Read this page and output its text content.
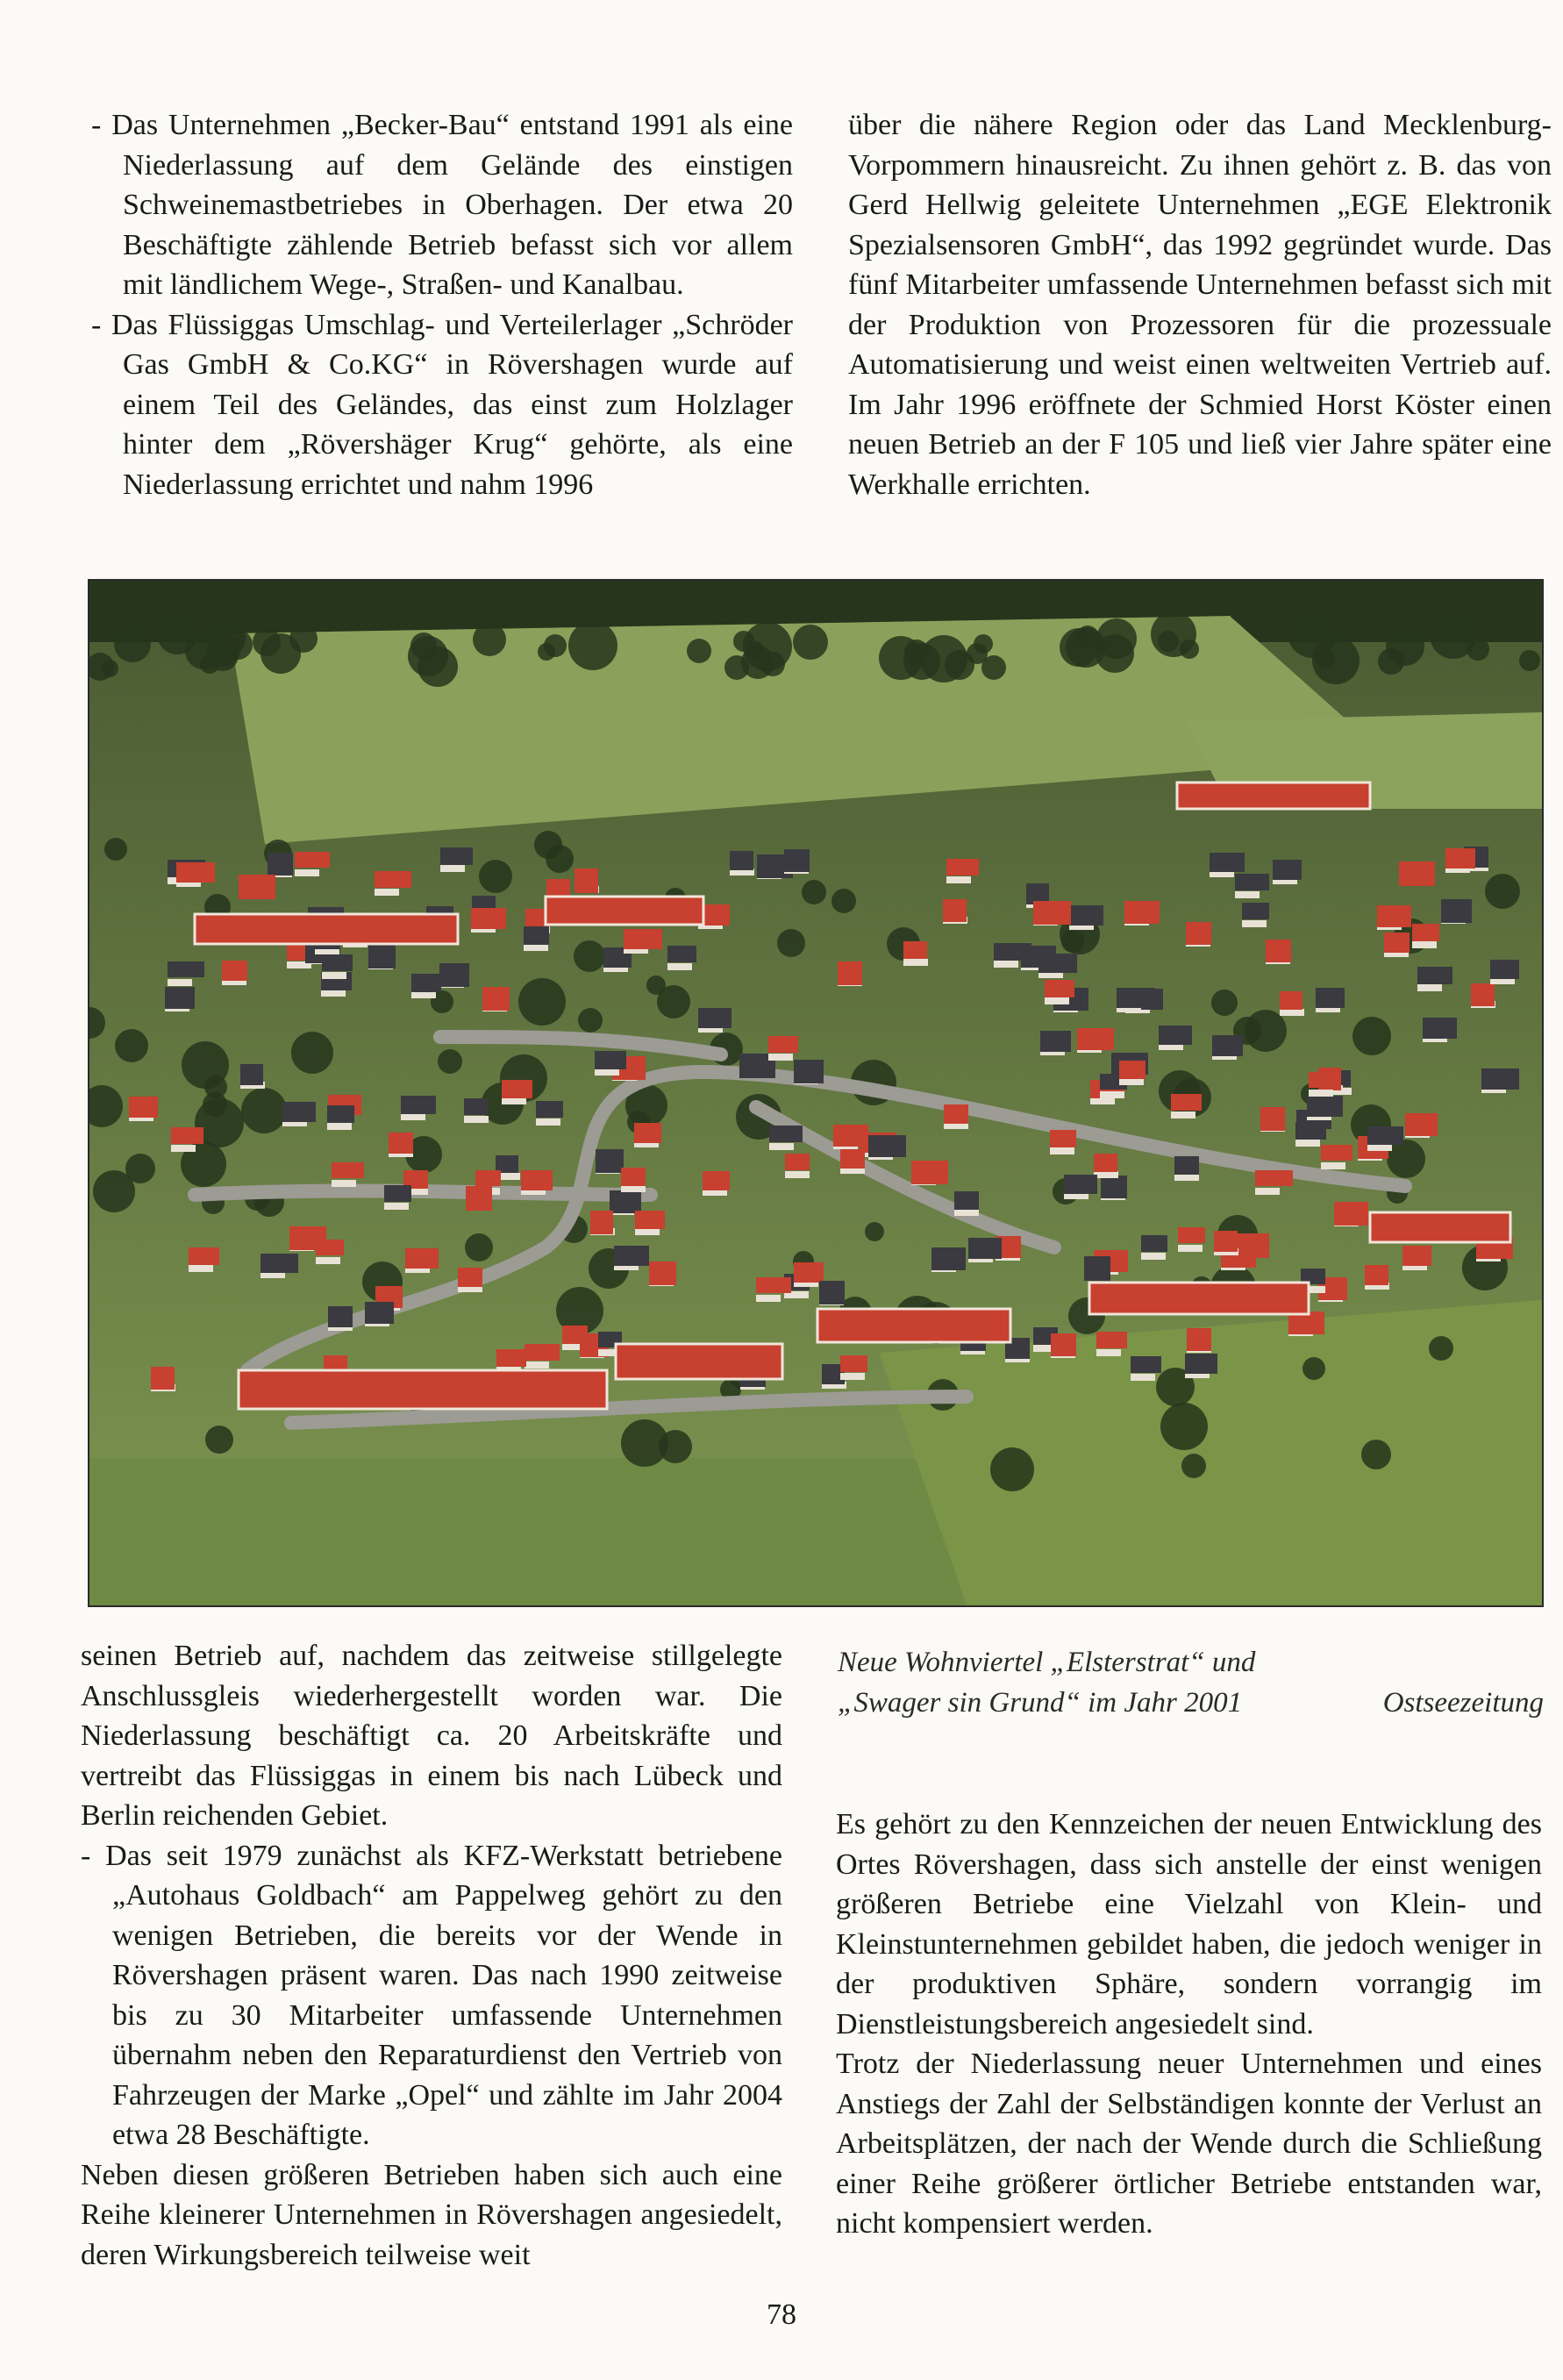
- Das Unternehmen „Becker-Bau“ entstand 1991 als eine Niederlassung auf dem Gelände des einstigen Schweinemastbetriebes in Oberhagen. Der etwa 20 Beschäftigte zählende Betrieb befasst sich vor allem mit ländlichem Wege-, Straßen- und Kanalbau.

- Das Flüssiggas Umschlag- und Verteilerlager „Schröder Gas GmbH & Co.KG“ in Rövershagen wurde auf einem Teil des Geländes, das einst zum Holzlager hinter dem „Rövershäger Krug“ gehörte, als eine Niederlassung errichtet und nahm 1996

über die nähere Region oder das Land Mecklenburg-Vorpommern hinausreicht. Zu ihnen gehört z. B. das von Gerd Hellwig geleitete Unternehmen „EGE Elektronik Spezialsensoren GmbH“, das 1992 gegründet wurde. Das fünf Mitarbeiter umfassende Unternehmen befasst sich mit der Produktion von Prozessoren für die prozessuale Automatisierung und weist einen weltweiten Vertrieb auf. Im Jahr 1996 eröffnete der Schmied Horst Köster einen neuen Betrieb an der F 105 und ließ vier Jahre später eine Werkhalle errichten.

Neue Wohnviertel „Elsterstrat“ und
„Swager sin Grund“ im Jahr 2001	Ostseezeitung

seinen Betrieb auf, nachdem das zeitweise stillgelegte Anschlussgleis wiederhergestellt worden war. Die Niederlassung beschäftigt ca. 20 Arbeitskräfte und vertreibt das Flüssiggas in einem bis nach Lübeck und Berlin reichenden Gebiet.

- Das seit 1979 zunächst als KFZ-Werkstatt betriebene „Autohaus Goldbach“ am Pappelweg gehört zu den wenigen Betrieben, die bereits vor der Wende in Rövershagen präsent waren. Das nach 1990 zeitweise bis zu 30 Mitarbeiter umfassende Unternehmen übernahm neben den Reparaturdienst den Vertrieb von Fahrzeugen der Marke „Opel“ und zählte im Jahr 2004 etwa 28 Beschäftigte.

Neben diesen größeren Betrieben haben sich auch eine Reihe kleinerer Unternehmen in Rövershagen angesiedelt, deren Wirkungsbereich teilweise weit

Es gehört zu den Kennzeichen der neuen Entwicklung des Ortes Rövershagen, dass sich anstelle der einst wenigen größeren Betriebe eine Vielzahl von Klein- und Kleinstunternehmen gebildet haben, die jedoch weniger in der produktiven Sphäre, sondern vorrangig im Dienstleistungsbereich angesiedelt sind.

Trotz der Niederlassung neuer Unternehmen und eines Anstiegs der Zahl der Selbständigen konnte der Verlust an Arbeitsplätzen, der nach der Wende durch die Schließung einer Reihe größerer örtlicher Betriebe entstanden war, nicht kompensiert werden.

78
